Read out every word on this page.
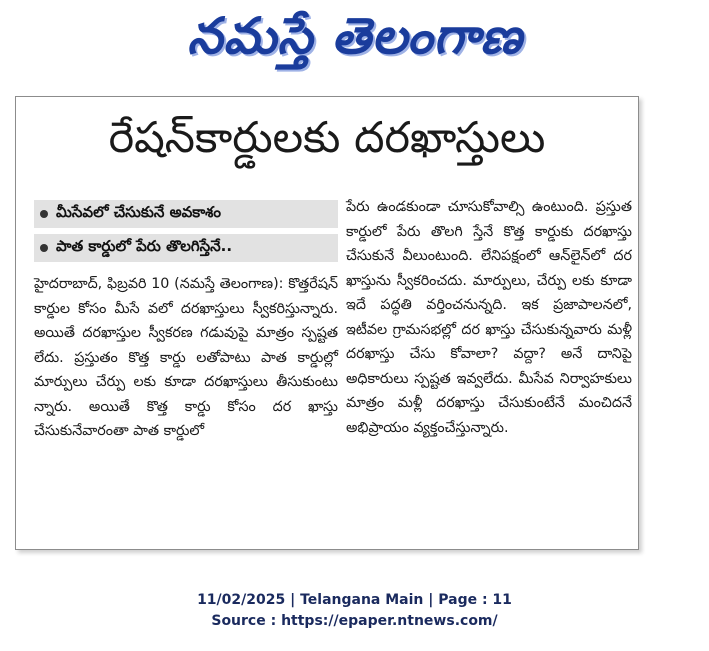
నమస్తే తెలంగాణ
రేషన్‌కార్డులకు దరఖాస్తులు
మీసేవలో చేసుకునే అవకాశం
పాత కార్డులో పేరు తొలగిస్తేనే..
హైదరాబాద్, ఫిబ్రవరి 10 (నమస్తే తెలంగాణ): కొత్తరేషన్ కార్డుల కోసం మీసే వలో దరఖాస్తులు స్వీకరిస్తున్నారు. అయితే దరఖాస్తుల స్వీకరణ గడువుపై మాత్రం స్పష్టత లేదు. ప్రస్తుతం కొత్త కార్డు లతోపాటు పాత కార్డుల్లో మార్పులు చేర్పు లకు కూడా దరఖాస్తులు తీసుకుంటు న్నారు. అయితే కొత్త కార్డు కోసం దర ఖాస్తు చేసుకునేవారంతా పాత కార్డులో
పేరు ఉండకుండా చూసుకోవాల్సి ఉంటుంది. ప్రస్తుత కార్డులో పేరు తొలగి స్తేనే కొత్త కార్డుకు దరఖాస్తు చేసుకునే వీలుంటుంది. లేనిపక్షంలో ఆన్‌లైన్‌లో దర ఖాస్తును స్వీకరించదు. మార్పులు, చేర్పు లకు కూడా ఇదే పద్ధతి వర్తించనున్నది. ఇక ప్రజాపాలనలో, ఇటీవల గ్రామసభల్లో దర ఖాస్తు చేసుకున్నవారు మళ్లీ దరఖాస్తు చేసు కోవాలా? వద్దా? అనే దానిపై అధికారులు స్పష్టత ఇవ్వలేదు. మీసేవ నిర్వాహకులు మాత్రం మళ్లీ దరఖాస్తు చేసుకుంటేనే మంచిదనే అభిప్రాయం వ్యక్తంచేస్తున్నారు.
11/02/2025 | Telangana Main | Page : 11
Source : https://epaper.ntnews.com/
